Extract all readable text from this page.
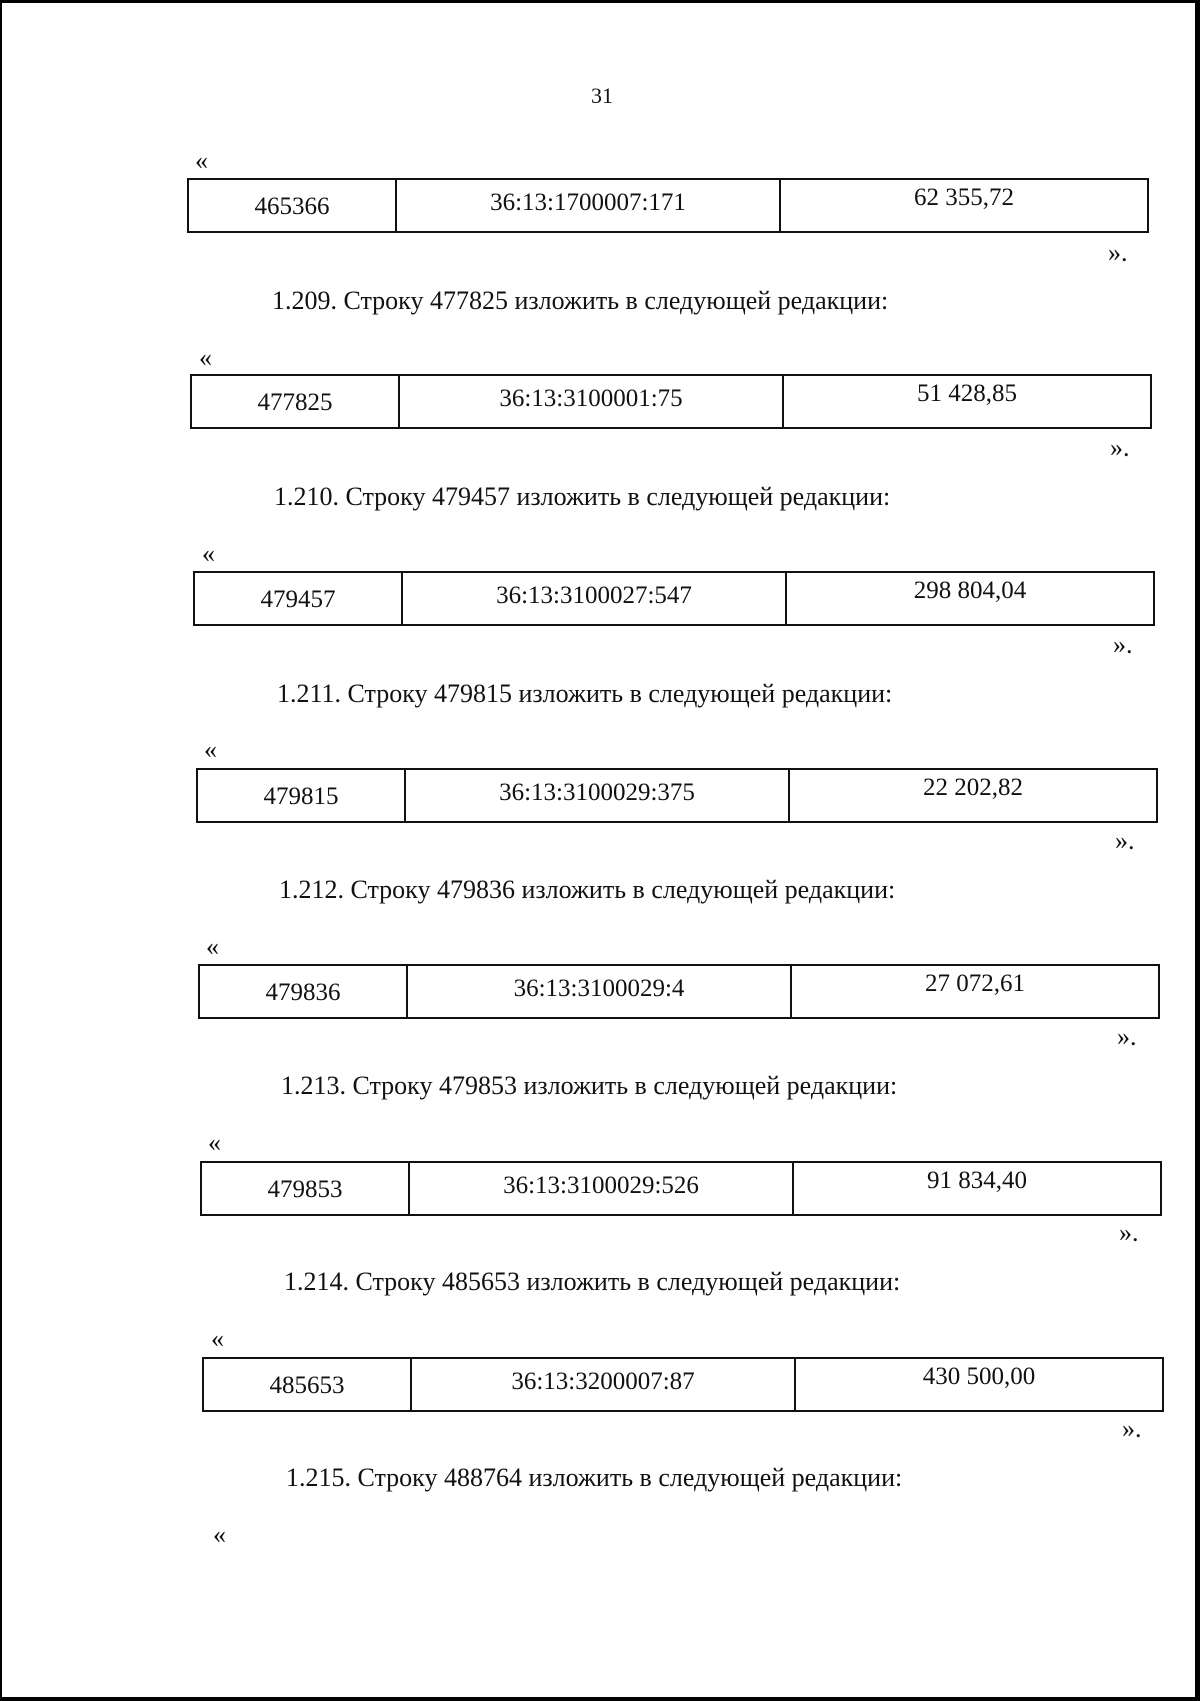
31
«
465366	36:13:1700007:171	62 355,72
».
1.209. Строку 477825 изложить в следующей редакции:
«
477825	36:13:3100001:75	51 428,85
».
1.210. Строку 479457 изложить в следующей редакции:
«
479457	36:13:3100027:547	298 804,04
».
1.211. Строку 479815 изложить в следующей редакции:
«
479815	36:13:3100029:375	22 202,82
».
1.212. Строку 479836 изложить в следующей редакции:
«
479836	36:13:3100029:4	27 072,61
».
1.213. Строку 479853 изложить в следующей редакции:
«
479853	36:13:3100029:526	91 834,40
».
1.214. Строку 485653 изложить в следующей редакции:
«
485653	36:13:3200007:87	430 500,00
».
1.215. Строку 488764 изложить в следующей редакции:
«
